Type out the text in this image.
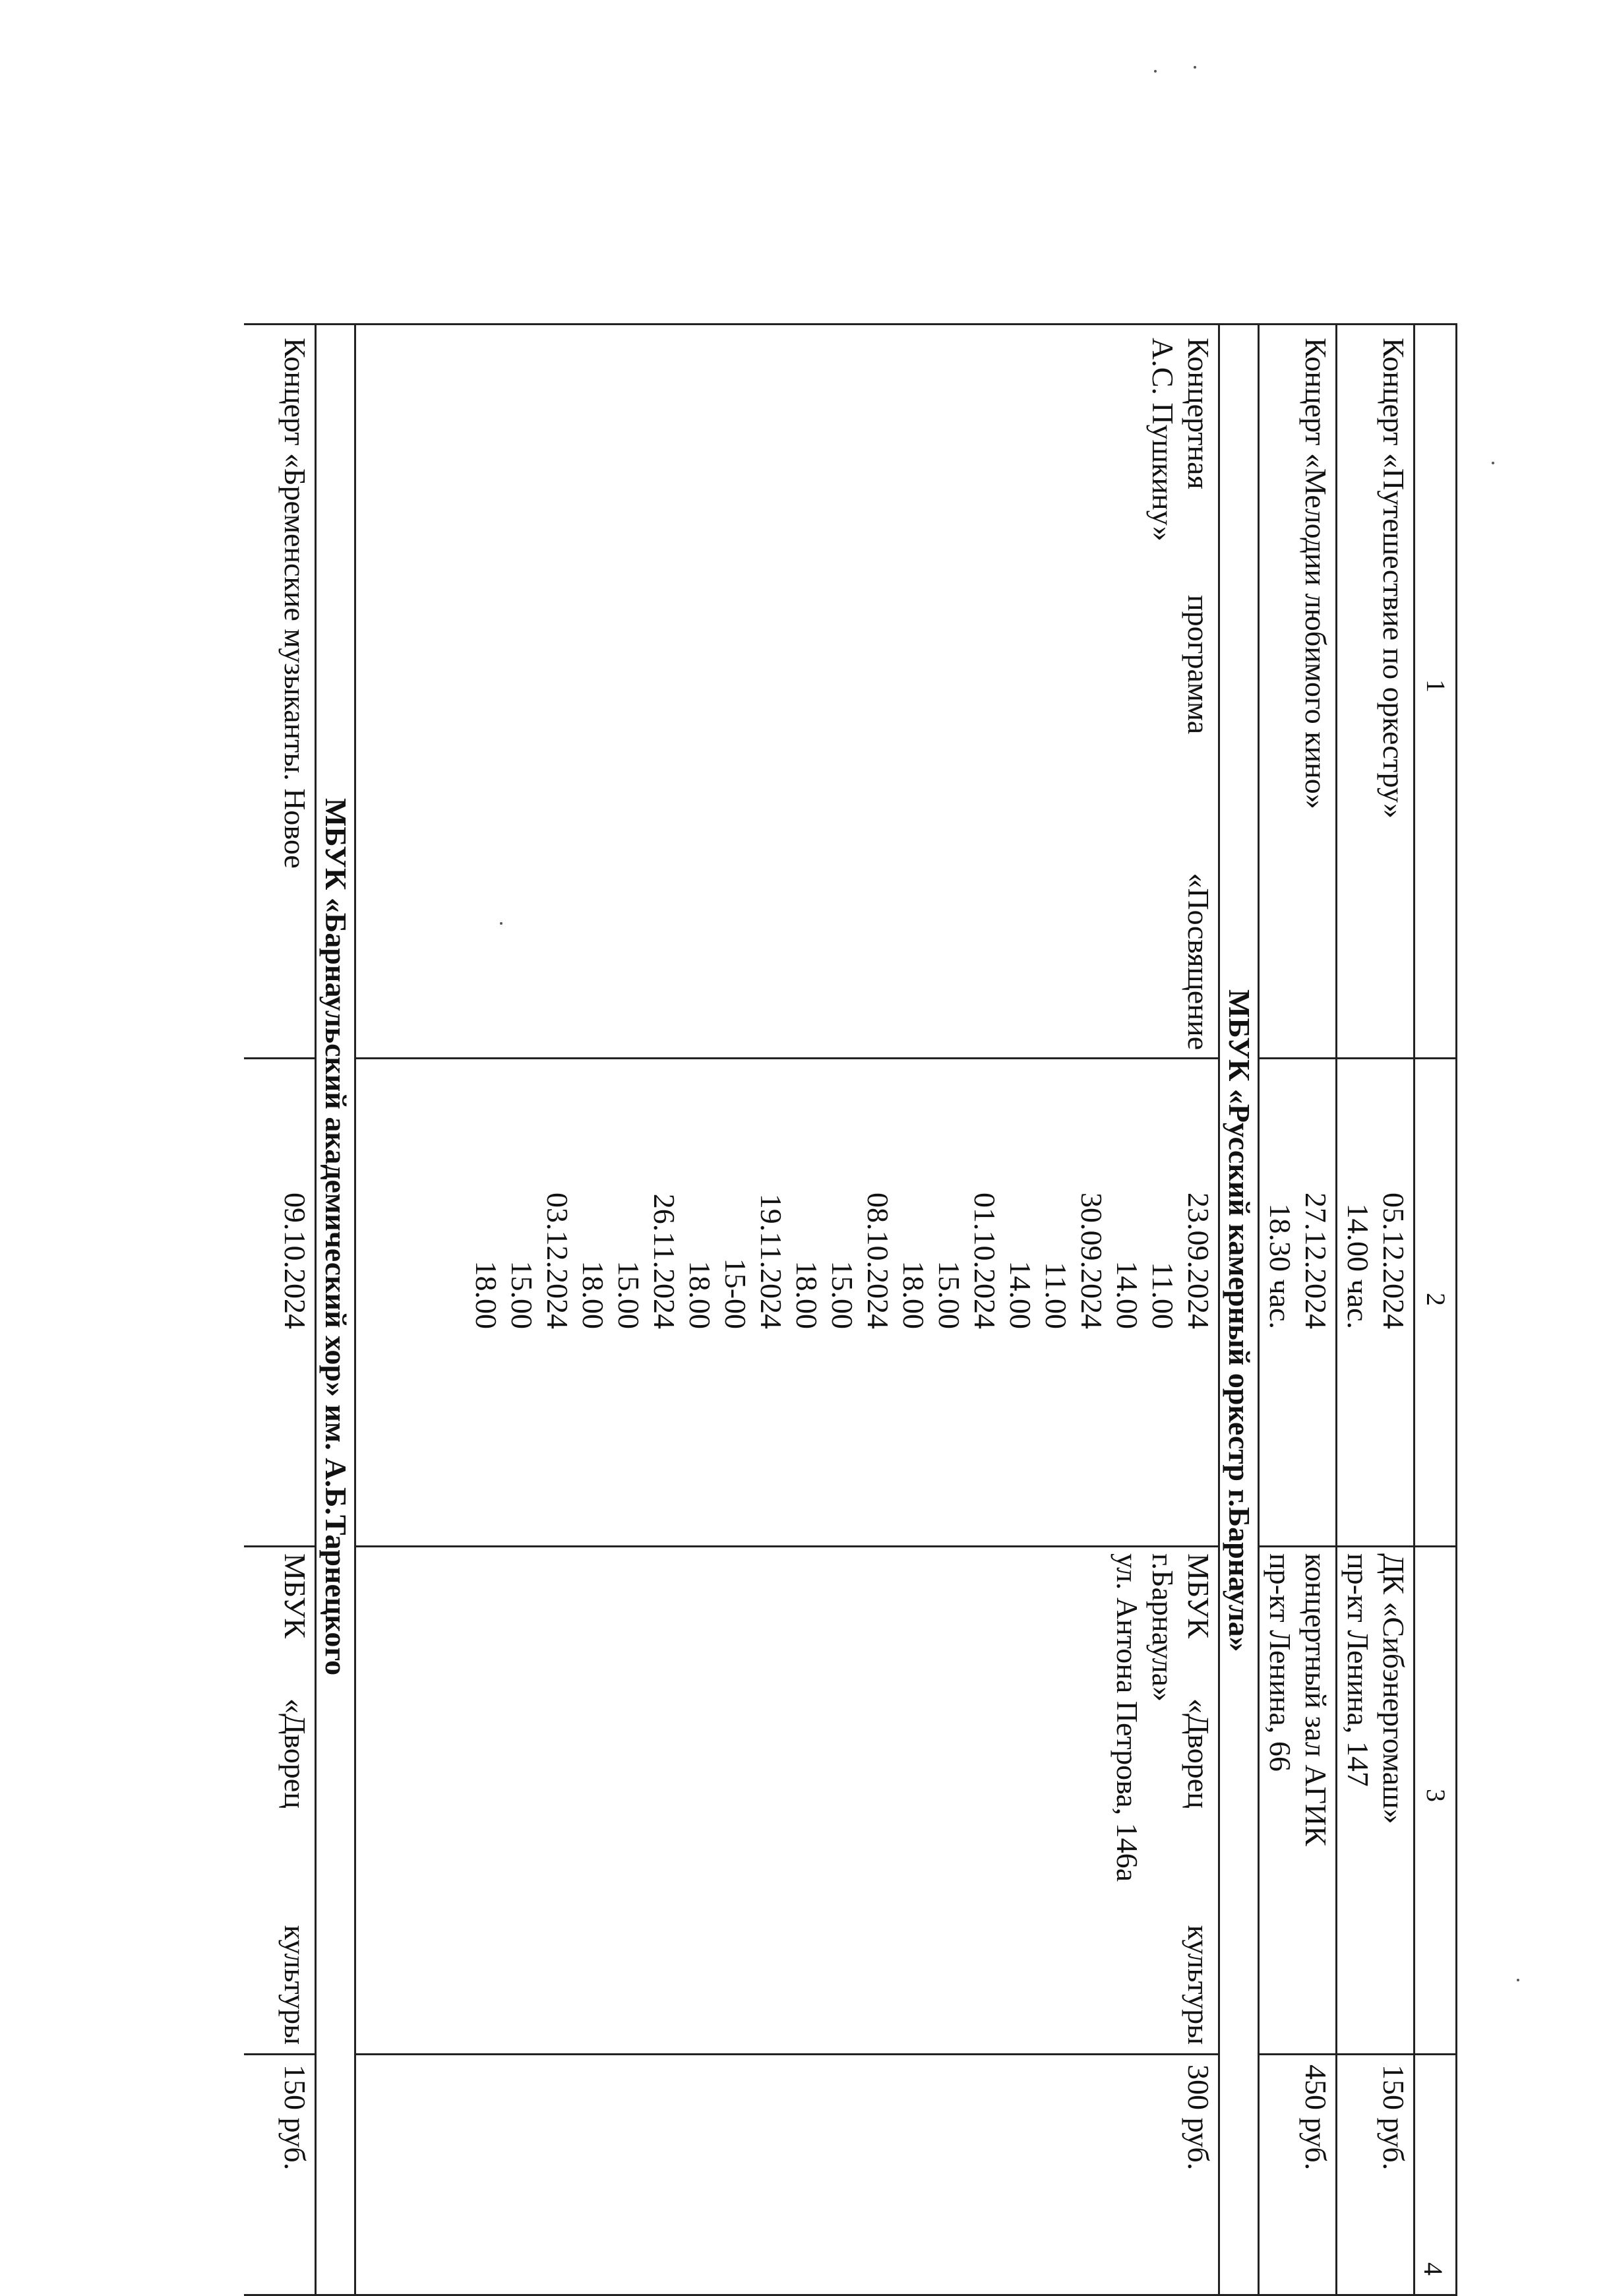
1
2
3
4
Концерт «Путешествие по оркестру»
05.12.2024
14.00 час.
ДК «Сибэнергомаш»
пр-кт Ленина, 147
150 руб.
Концерт «Мелодии любимого кино»
27.12.2024
18.30 час.
концертный зал АГИК
пр-кт Ленина, 66
450 руб.
МБУК «Русский камерный оркестр г.Барнаула»
Концертная
программа
«Посвящение

А.С. Пушкину»
23.09.2024
11.00
14.00
30.09.2024
11.00
14.00
01.10.2024
15.00
18.00
08.10.2024
15.00
18.00
19.11.2024
15-00
18.00
26.11.2024
15.00
18.00
03.12.2024
15.00
18.00
МБУК
«Дворец
культуры

г.Барнаула»
ул. Антона Петрова, 146а
300 руб.
МБУК «Барнаульский академический хор» им. А.Б.Тарнецкого
Концерт «Бременские музыканты. Новое
09.10.2024
МБУК
«Дворец
культуры

150 руб.
